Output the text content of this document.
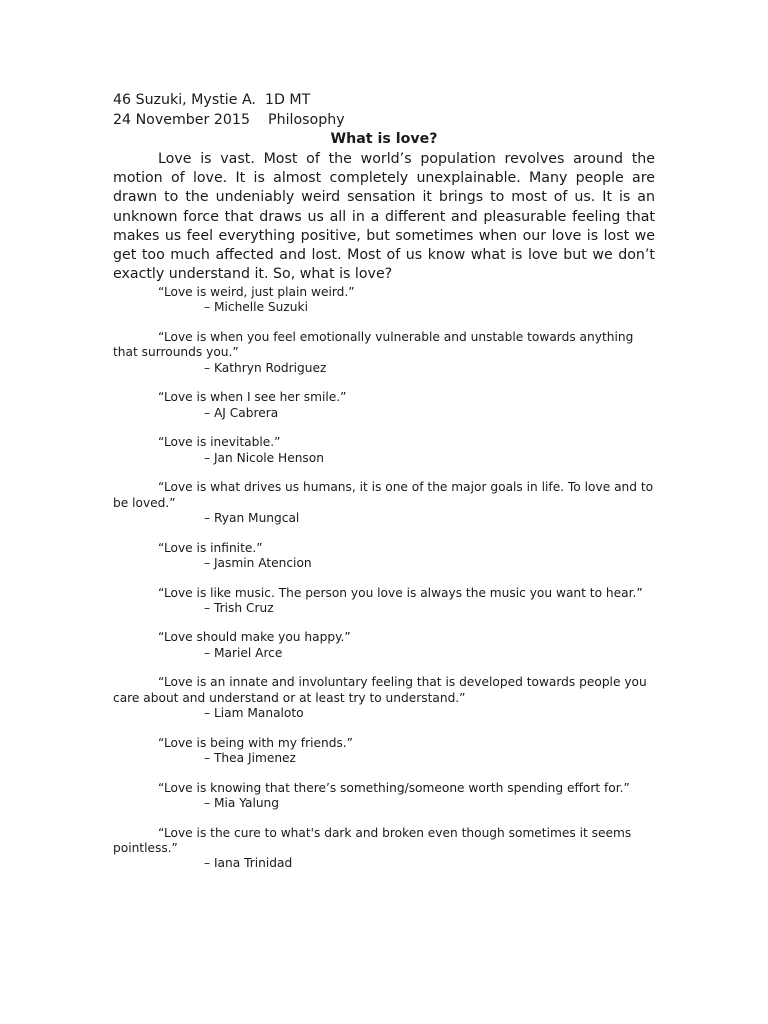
46 Suzuki, Mystie A.  1D MT
24 November 2015    Philosophy
What is love?

Love is vast. Most of the world’s population revolves around the motion of love. It is almost completely unexplainable. Many people are drawn to the undeniably weird sensation it brings to most of us. It is an unknown force that draws us all in a different and pleasurable feeling that makes us feel everything positive, but sometimes when our love is lost we get too much affected and lost. Most of us know what is love but we don’t exactly understand it. So, what is love?

“Love is weird, just plain weird.”

– Michelle Suzuki

“Love is when you feel emotionally vulnerable and unstable towards anything that surrounds you.”

– Kathryn Rodriguez

“Love is when I see her smile.”

– AJ Cabrera

“Love is inevitable.”

– Jan Nicole Henson

“Love is what drives us humans, it is one of the major goals in life. To love and to be loved.”

– Ryan Mungcal

“Love is infinite.”

– Jasmin Atencion

“Love is like music. The person you love is always the music you want to hear.”

– Trish Cruz

“Love should make you happy.”

– Mariel Arce

“Love is an innate and involuntary feeling that is developed towards people you care about and understand or at least try to understand.”

– Liam Manaloto

“Love is being with my friends.”

– Thea Jimenez

“Love is knowing that there’s something/someone worth spending effort for.”

– Mia Yalung

“Love is the cure to what's dark and broken even though sometimes it seems pointless.”

– Iana Trinidad
